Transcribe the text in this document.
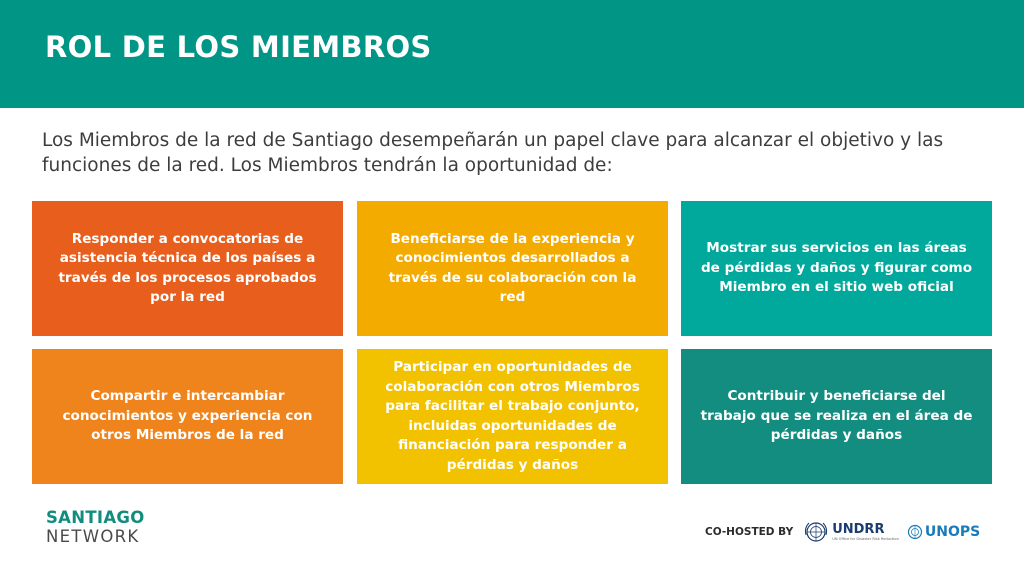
ROL DE LOS MIEMBROS

Los Miembros de la red de Santiago desempeñarán un papel clave para alcanzar el objetivo y las funciones de la red. Los Miembros tendrán la oportunidad de:

Responder a convocatorias de asistencia técnica de los países a través de los procesos aprobados por la red
Beneficiarse de la experiencia y conocimientos desarrollados a través de su colaboración con la red
Mostrar sus servicios en las áreas de pérdidas y daños y figurar como Miembro en el sitio web oficial
Compartir e intercambiar conocimientos y experiencia con otros Miembros de la red
Participar en oportunidades de colaboración con otros Miembros para facilitar el trabajo conjunto, incluidas oportunidades de financiación para responder a pérdidas y daños
Contribuir y beneficiarse del trabajo que se realiza en el área de pérdidas y daños
SANTIAGO
NETWORK	CO-HOSTED BY	UNDRR
UN Office for Disaster Risk Reduction UNOPS
